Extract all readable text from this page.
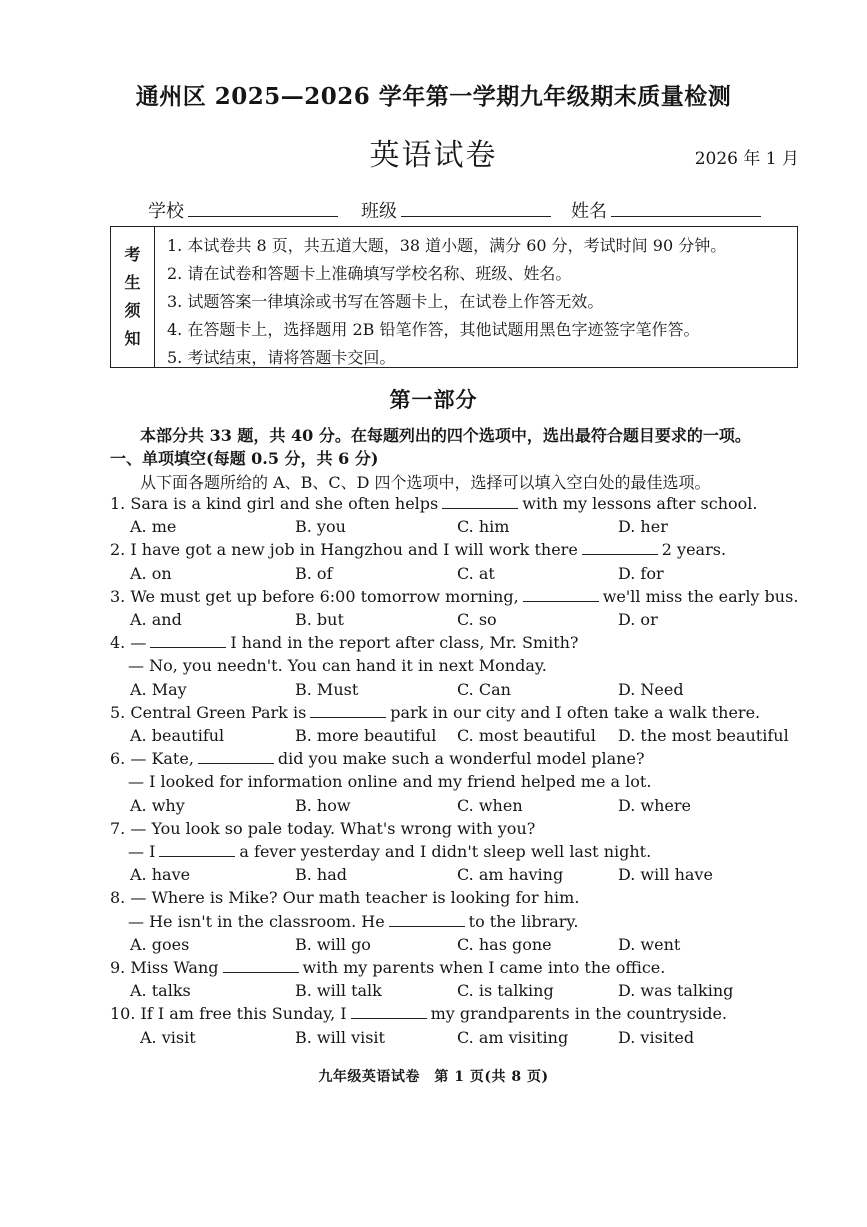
通州区 2025—2026 学年第一学期九年级期末质量检测
英语试卷	2026 年 1 月
学校	班级	姓名
考
生
须
知
1. 本试卷共 8 页，共五道大题，38 道小题，满分 60 分，考试时间 90 分钟。
2. 请在试卷和答题卡上准确填写学校名称、班级、姓名。
3. 试题答案一律填涂或书写在答题卡上，在试卷上作答无效。
4. 在答题卡上，选择题用 2B 铅笔作答，其他试题用黑色字迹签字笔作答。
5. 考试结束，请将答题卡交回。
第一部分
本部分共 33 题，共 40 分。在每题列出的四个选项中，选出最符合题目要求的一项。
一、单项填空(每题 0.5 分，共 6 分)
从下面各题所给的 A、B、C、D 四个选项中，选择可以填入空白处的最佳选项。
1. Sara is a kind girl and she often helps	with my lessons after school.
A. me	B. you	C. him	D. her
2. I have got a new job in Hangzhou and I will work there	2 years.
A. on	B. of	C. at	D. for
3. We must get up before 6:00 tomorrow morning,	we'll miss the early bus.
A. and	B. but	C. so	D. or
4. —	I hand in the report after class, Mr. Smith?
— No, you needn't. You can hand it in next Monday.
A. May	B. Must	C. Can	D. Need
5. Central Green Park is	park in our city and I often take a walk there.
A. beautiful	B. more beautiful C. most beautiful D. the most beautiful
6. — Kate,	did you make such a wonderful model plane?
— I looked for information online and my friend helped me a lot.
A. why	B. how	C. when	D. where
7. — You look so pale today. What's wrong with you?
— I	a fever yesterday and I didn't sleep well last night.
A. have	B. had	C. am having	D. will have
8. — Where is Mike? Our math teacher is looking for him.
— He isn't in the classroom. He	to the library.
A. goes	B. will go	C. has gone	D. went
9. Miss Wang	with my parents when I came into the office.
A. talks	B. will talk	C. is talking	D. was talking
10. If I am free this Sunday, I	my grandparents in the countryside.
A. visit	B. will visit	C. am visiting	D. visited
九年级英语试卷　第 1 页(共 8 页)
